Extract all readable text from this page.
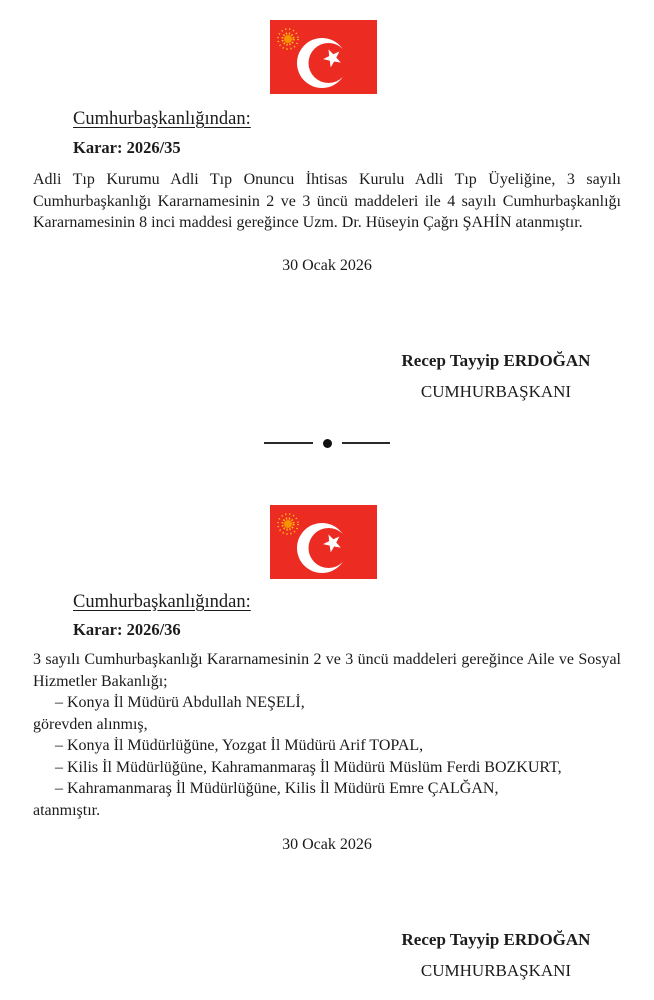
Cumhurbaşkanlığından:
Karar: 2026/35
Adli Tıp Kurumu Adli Tıp Onuncu İhtisas Kurulu Adli Tıp Üyeliğine, 3 sayılı
Cumhurbaşkanlığı Kararnamesinin 2 ve 3 üncü maddeleri ile 4 sayılı Cumhurbaşkanlığı
Kararnamesinin 8 inci maddesi gereğince Uzm. Dr. Hüseyin Çağrı ŞAHİN atanmıştır.
30 Ocak 2026
Recep Tayyip ERDOĞAN
CUMHURBAŞKANI
Cumhurbaşkanlığından:
Karar: 2026/36
3 sayılı Cumhurbaşkanlığı Kararnamesinin 2 ve 3 üncü maddeleri gereğince Aile ve Sosyal
Hizmetler Bakanlığı;
– Konya İl Müdürü Abdullah NEŞELİ,
görevden alınmış,
– Konya İl Müdürlüğüne, Yozgat İl Müdürü Arif TOPAL,
– Kilis İl Müdürlüğüne, Kahramanmaraş İl Müdürü Müslüm Ferdi BOZKURT,
– Kahramanmaraş İl Müdürlüğüne, Kilis İl Müdürü Emre ÇALĞAN,
atanmıştır.
30 Ocak 2026
Recep Tayyip ERDOĞAN
CUMHURBAŞKANI
